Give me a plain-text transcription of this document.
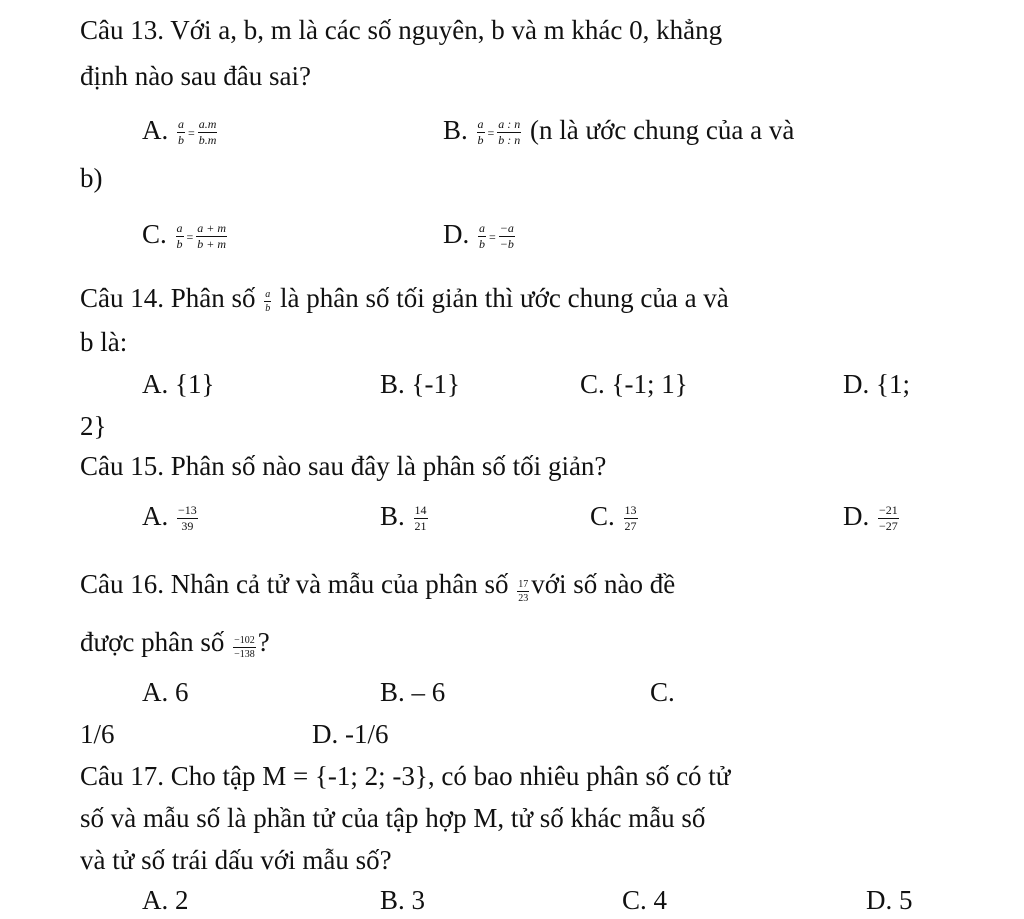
Câu 13. Với a, b, m là các số nguyên, b và m khác 0, khẳng
định nào sau đâu sai?
A. $\frac{a}{b} = \frac{a.m}{b.m}$	B. $\frac{a}{b} = \frac{a : n}{b : n} (n$ là ước chung của a và
b)
C. $\frac{a}{b} = \frac{a + m}{b + m}$	D. $\frac{a}{b} = \frac{-a}{-b}$
Câu 14. Phân số $\frac{a}{b}$ là phân số tối giản thì ước chung của a và
b là:
A. {1}	B. {-1}	C. {-1; 1}	D. {1;
2}
Câu 15. Phân số nào sau đây là phân số tối giản?
A. $\frac{-13}{39}$	B. $\frac{14}{21}$	C. $\frac{13}{27}$	D. $\frac{-21}{-27}$
Câu 16. Nhân cả tử và mẫu của phân số $\frac{17}{23}$ với số nào đề
được phân số $\frac{-102}{-138}$ ?
A. 6	B. – 6	C.
1/6	D. -1/6
Câu 17. Cho tập M = {-1; 2; -3}, có bao nhiêu phân số có tử
số và mẫu số là phần tử của tập hợp M, tử số khác mẫu số
và tử số trái dấu với mẫu số?
A. 2	B. 3	C. 4	D. 5
